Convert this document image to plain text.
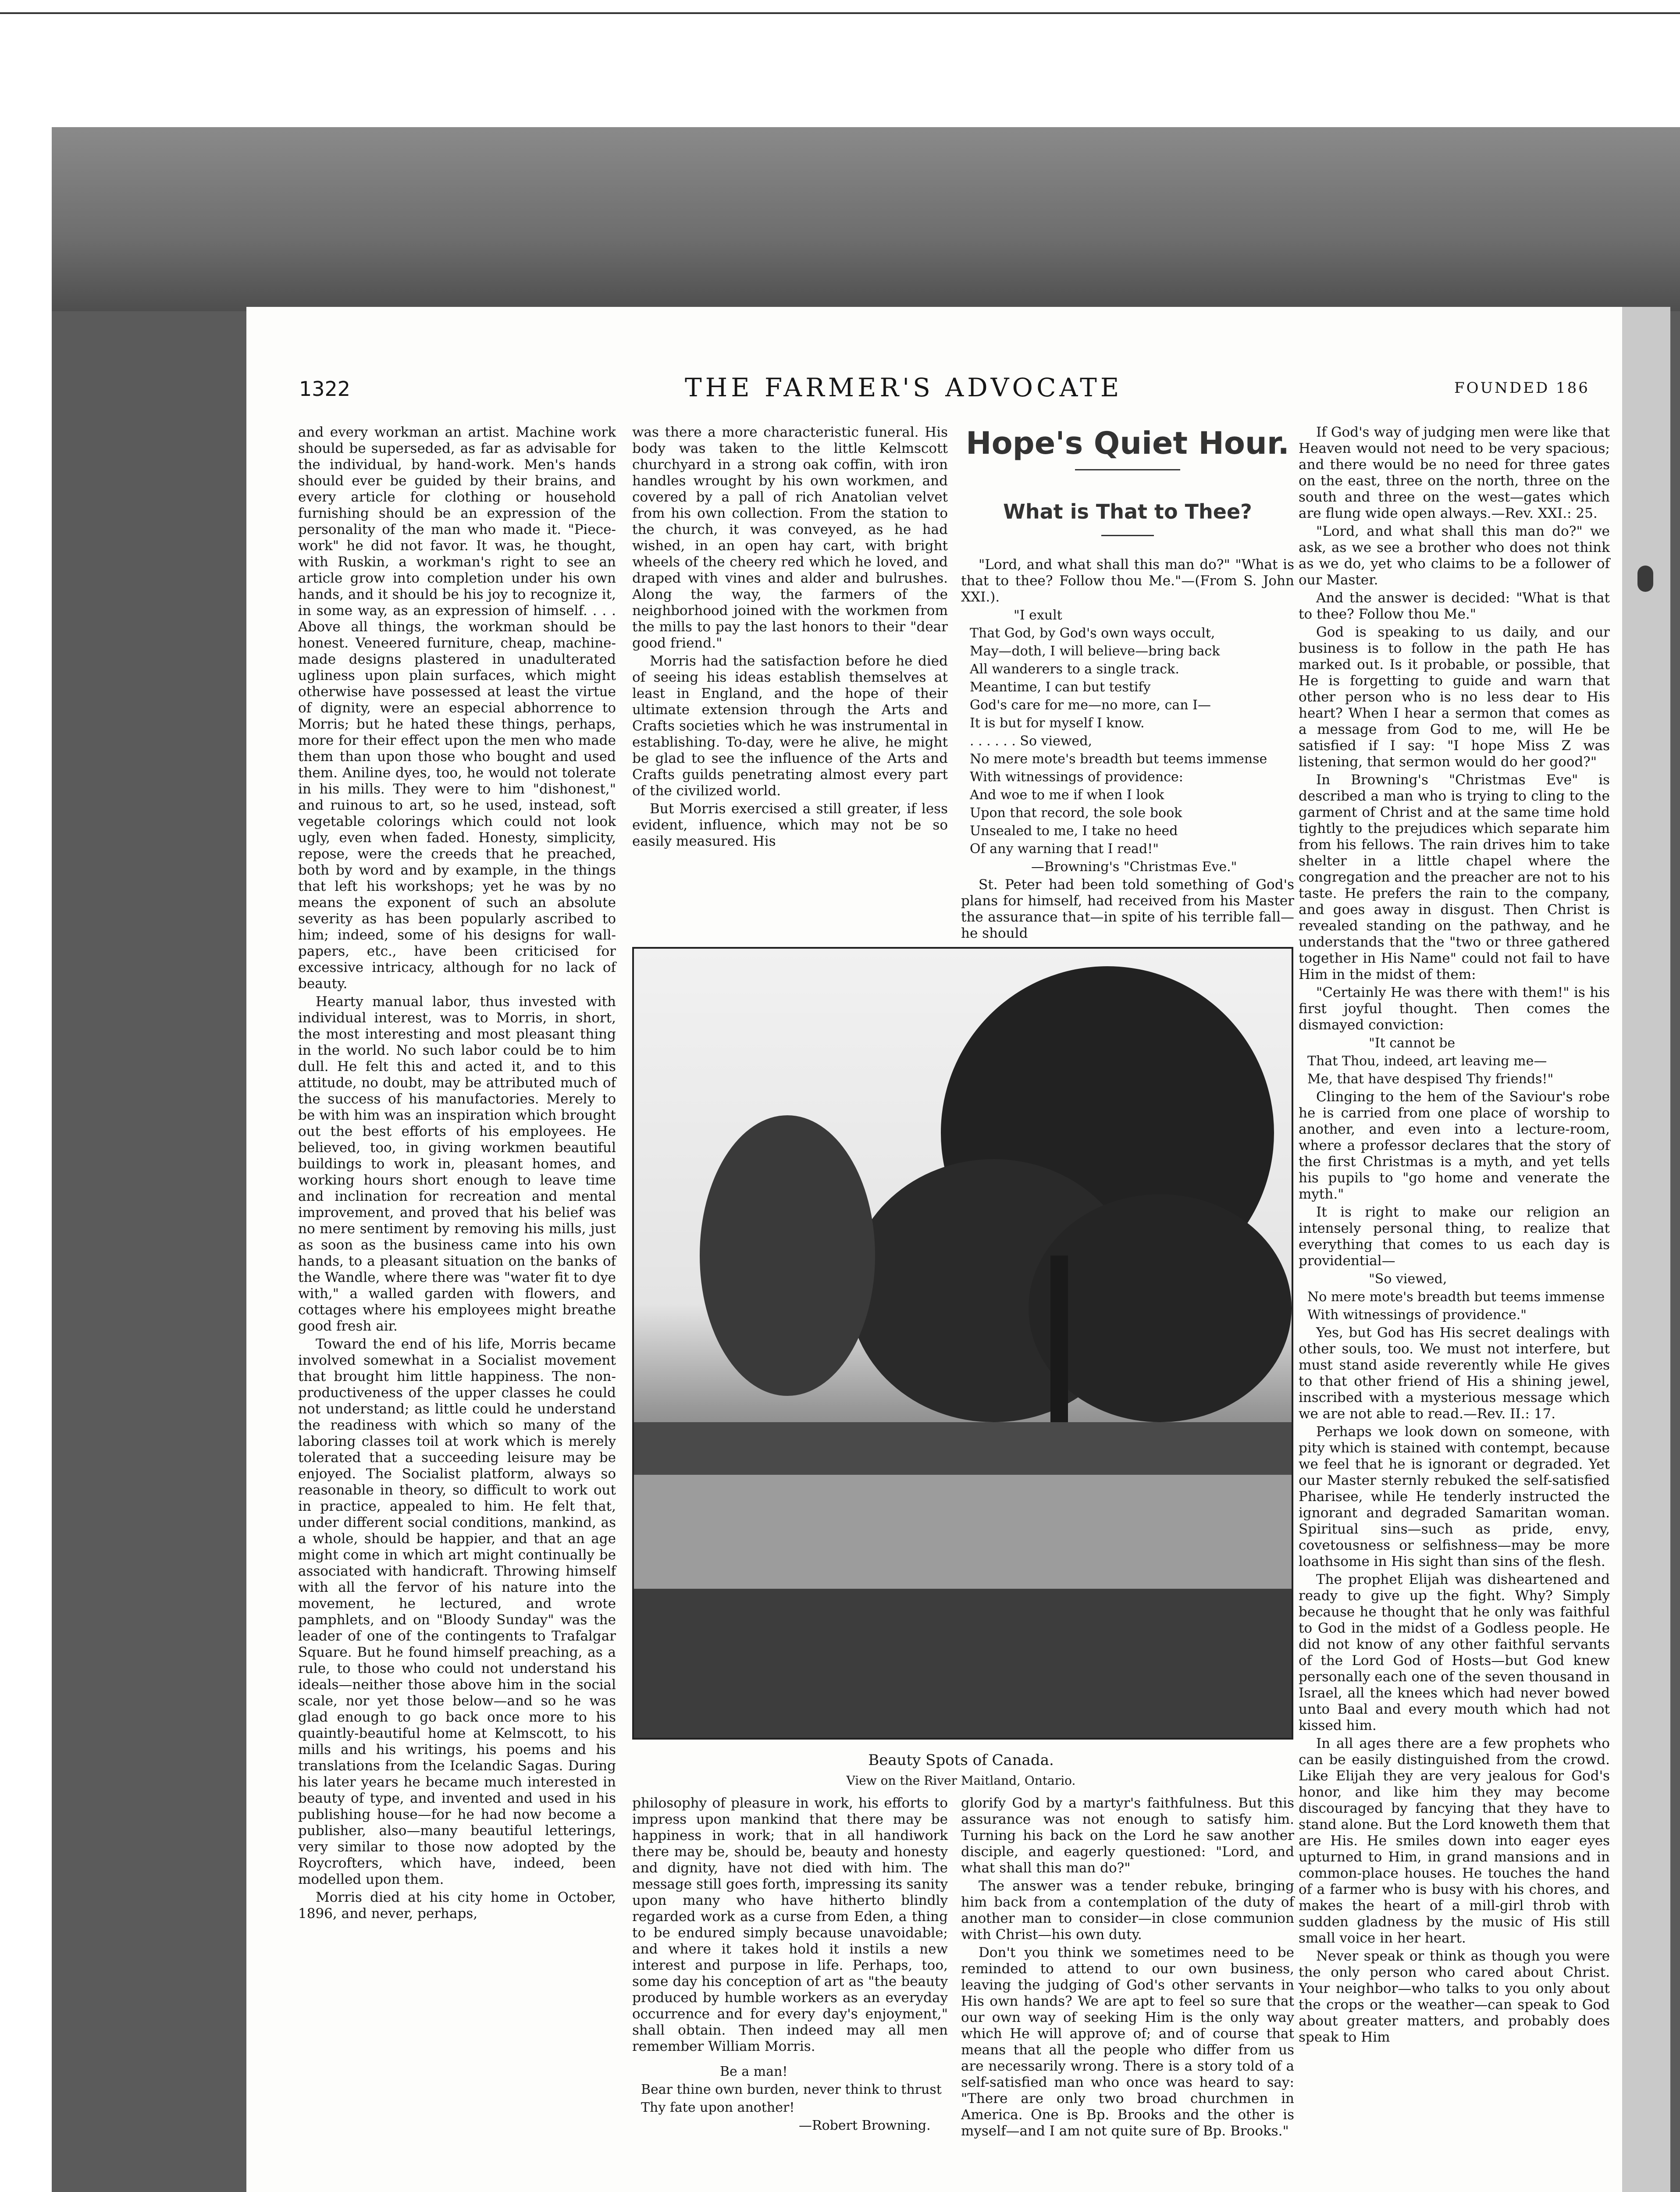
1322	THE FARMER'S ADVOCATE	FOUNDED 186

and every workman an artist. Machine work should be superseded, as far as advisable for the individual, by hand-work. Men's hands should ever be guided by their brains, and every article for clothing or household furnishing should be an expression of the personality of the man who made it. "Piece-work" he did not favor. It was, he thought, with Ruskin, a workman's right to see an article grow into completion under his own hands, and it should be his joy to recognize it, in some way, as an expression of himself. . . . Above all things, the workman should be honest. Veneered furniture, cheap, machine-made designs plastered in unadulterated ugliness upon plain surfaces, which might otherwise have possessed at least the virtue of dignity, were an especial abhorrence to Morris; but he hated these things, perhaps, more for their effect upon the men who made them than upon those who bought and used them. Aniline dyes, too, he would not tolerate in his mills. They were to him "dishonest," and ruinous to art, so he used, instead, soft vegetable colorings which could not look ugly, even when faded. Honesty, simplicity, repose, were the creeds that he preached, both by word and by example, in the things that left his workshops; yet he was by no means the exponent of such an absolute severity as has been popularly ascribed to him; indeed, some of his designs for wall-papers, etc., have been criticised for excessive intricacy, although for no lack of beauty.

Hearty manual labor, thus invested with individual interest, was to Morris, in short, the most interesting and most pleasant thing in the world. No such labor could be to him dull. He felt this and acted it, and to this attitude, no doubt, may be attributed much of the success of his manufactories. Merely to be with him was an inspiration which brought out the best efforts of his employees. He believed, too, in giving workmen beautiful buildings to work in, pleasant homes, and working hours short enough to leave time and inclination for recreation and mental improvement, and proved that his belief was no mere sentiment by removing his mills, just as soon as the business came into his own hands, to a pleasant situation on the banks of the Wandle, where there was "water fit to dye with," a walled garden with flowers, and cottages where his employees might breathe good fresh air.

Toward the end of his life, Morris became involved somewhat in a Socialist movement that brought him little happiness. The non-productiveness of the upper classes he could not understand; as little could he understand the readiness with which so many of the laboring classes toil at work which is merely tolerated that a succeeding leisure may be enjoyed. The Socialist platform, always so reasonable in theory, so difficult to work out in practice, appealed to him. He felt that, under different social conditions, mankind, as a whole, should be happier, and that an age might come in which art might continually be associated with handicraft. Throwing himself with all the fervor of his nature into the movement, he lectured, and wrote pamphlets, and on "Bloody Sunday" was the leader of one of the contingents to Trafalgar Square. But he found himself preaching, as a rule, to those who could not understand his ideals—neither those above him in the social scale, nor yet those below—and so he was glad enough to go back once more to his quaintly-beautiful home at Kelmscott, to his mills and his writings, his poems and his translations from the Icelandic Sagas. During his later years he became much interested in beauty of type, and invented and used in his publishing house—for he had now become a publisher, also—many beautiful letterings, very similar to those now adopted by the Roycrofters, which have, indeed, been modelled upon them.

Morris died at his city home in October, 1896, and never, perhaps,

was there a more characteristic funeral. His body was taken to the little Kelmscott churchyard in a strong oak coffin, with iron handles wrought by his own workmen, and covered by a pall of rich Anatolian velvet from his own collection. From the station to the church, it was conveyed, as he had wished, in an open hay cart, with bright wheels of the cheery red which he loved, and draped with vines and alder and bulrushes. Along the way, the farmers of the neighborhood joined with the workmen from the mills to pay the last honors to their "dear good friend."

Morris had the satisfaction before he died of seeing his ideas establish themselves at least in England, and the hope of their ultimate extension through the Arts and Crafts societies which he was instrumental in establishing. To-day, were he alive, he might be glad to see the influence of the Arts and Crafts guilds penetrating almost every part of the civilized world.

But Morris exercised a still greater, if less evident, influence, which may not be so easily measured. His

Hope's Quiet Hour.
What is That to Thee?

"Lord, and what shall this man do?" "What is that to thee? Follow thou Me."—(From S. John XXI.).

"I exult

That God, by God's own ways occult,

May—doth, I will believe—bring back

All wanderers to a single track.

Meantime, I can but testify

God's care for me—no more, can I—

It is but for myself I know.

. . . . . . So viewed,

No mere mote's breadth but teems immense

With witnessings of providence:

And woe to me if when I look

Upon that record, the sole book

Unsealed to me, I take no heed

Of any warning that I read!"

—Browning's "Christmas Eve."

St. Peter had been told something of God's plans for himself, had received from his Master the assurance that—in spite of his terrible fall—he should

Beauty Spots of Canada.
View on the River Maitland, Ontario.

philosophy of pleasure in work, his efforts to impress upon mankind that there may be happiness in work; that in all handiwork there may be, should be, beauty and honesty and dignity, have not died with him. The message still goes forth, impressing its sanity upon many who have hitherto blindly regarded work as a curse from Eden, a thing to be endured simply because unavoidable; and where it takes hold it instils a new interest and purpose in life. Perhaps, too, some day his conception of art as "the beauty produced by humble workers as an everyday occurrence and for every day's enjoyment," shall obtain. Then indeed may all men remember William Morris.

Be a man!

Bear thine own burden, never think to thrust

Thy fate upon another!

—Robert Browning.

glorify God by a martyr's faithfulness. But this assurance was not enough to satisfy him. Turning his back on the Lord he saw another disciple, and eagerly questioned: "Lord, and what shall this man do?"

The answer was a tender rebuke, bringing him back from a contemplation of the duty of another man to consider—in close communion with Christ—his own duty.

Don't you think we sometimes need to be reminded to attend to our own business, leaving the judging of God's other servants in His own hands? We are apt to feel so sure that our own way of seeking Him is the only way which He will approve of; and of course that means that all the people who differ from us are necessarily wrong. There is a story told of a self-satisfied man who once was heard to say: "There are only two broad churchmen in America. One is Bp. Brooks and the other is myself—and I am not quite sure of Bp. Brooks."

If God's way of judging men were like that Heaven would not need to be very spacious; and there would be no need for three gates on the east, three on the north, three on the south and three on the west—gates which are flung wide open always.—Rev. XXI.: 25.

"Lord, and what shall this man do?" we ask, as we see a brother who does not think as we do, yet who claims to be a follower of our Master.

And the answer is decided: "What is that to thee? Follow thou Me."

God is speaking to us daily, and our business is to follow in the path He has marked out. Is it probable, or possible, that He is forgetting to guide and warn that other person who is no less dear to His heart? When I hear a sermon that comes as a message from God to me, will He be satisfied if I say: "I hope Miss Z was listening, that sermon would do her good?"

In Browning's "Christmas Eve" is described a man who is trying to cling to the garment of Christ and at the same time hold tightly to the prejudices which separate him from his fellows. The rain drives him to take shelter in a little chapel where the congregation and the preacher are not to his taste. He prefers the rain to the company, and goes away in disgust. Then Christ is revealed standing on the pathway, and he understands that the "two or three gathered together in His Name" could not fail to have Him in the midst of them:

"Certainly He was there with them!" is his first joyful thought. Then comes the dismayed conviction:

"It cannot be

That Thou, indeed, art leaving me—

Me, that have despised Thy friends!"

Clinging to the hem of the Saviour's robe he is carried from one place of worship to another, and even into a lecture-room, where a professor declares that the story of the first Christmas is a myth, and yet tells his pupils to "go home and venerate the myth."

It is right to make our religion an intensely personal thing, to realize that everything that comes to us each day is providential—

"So viewed,

No mere mote's breadth but teems immense

With witnessings of providence."

Yes, but God has His secret dealings with other souls, too. We must not interfere, but must stand aside reverently while He gives to that other friend of His a shining jewel, inscribed with a mysterious message which we are not able to read.—Rev. II.: 17.

Perhaps we look down on someone, with pity which is stained with contempt, because we feel that he is ignorant or degraded. Yet our Master sternly rebuked the self-satisfied Pharisee, while He tenderly instructed the ignorant and degraded Samaritan woman. Spiritual sins—such as pride, envy, covetousness or selfishness—may be more loathsome in His sight than sins of the flesh.

The prophet Elijah was disheartened and ready to give up the fight. Why? Simply because he thought that he only was faithful to God in the midst of a Godless people. He did not know of any other faithful servants of the Lord God of Hosts—but God knew personally each one of the seven thousand in Israel, all the knees which had never bowed unto Baal and every mouth which had not kissed him.

In all ages there are a few prophets who can be easily distinguished from the crowd. Like Elijah they are very jealous for God's honor, and like him they may become discouraged by fancying that they have to stand alone. But the Lord knoweth them that are His. He smiles down into eager eyes upturned to Him, in grand mansions and in common-place houses. He touches the hand of a farmer who is busy with his chores, and makes the heart of a mill-girl throb with sudden gladness by the music of His still small voice in her heart.

Never speak or think as though you were the only person who cared about Christ. Your neighbor—who talks to you only about the crops or the weather—can speak to God about greater matters, and probably does speak to Him
